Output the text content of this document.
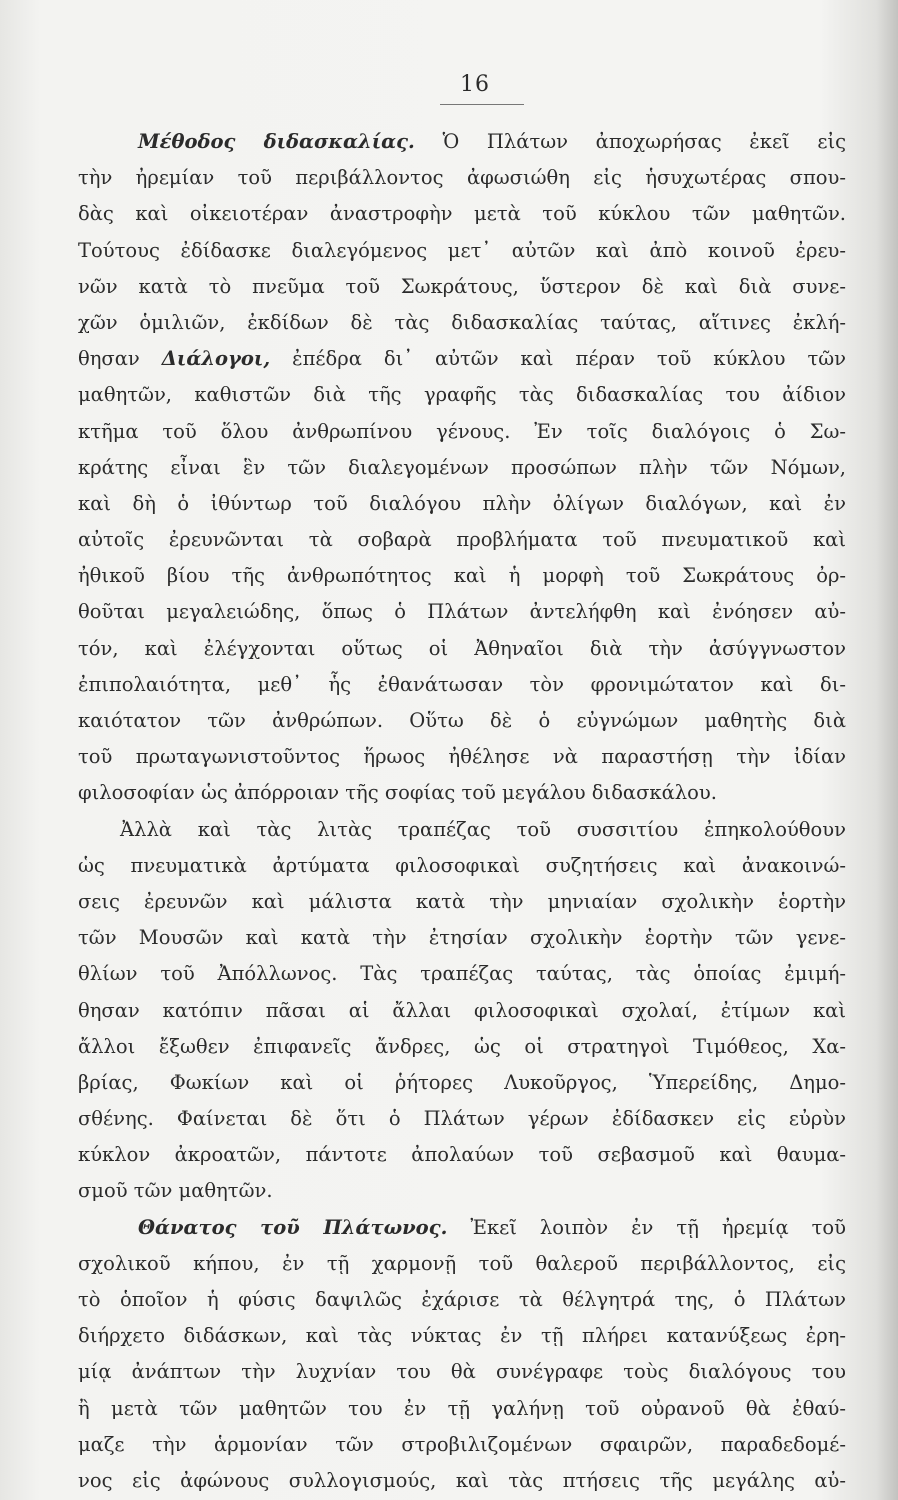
16
Μέθοδος διδασκαλίας. Ὁ Πλάτων ἀποχωρήσας ἐκεῖ εἰς
τὴν ἠρεμίαν τοῦ περιβάλλοντος ἀφωσιώθη εἰς ἡσυχωτέρας σπου-
δὰς καὶ οἰκειοτέραν ἀναστροφὴν μετὰ τοῦ κύκλου τῶν μαθητῶν.
Τούτους ἐδίδασκε διαλεγόμενος μετ᾽ αὐτῶν καὶ ἀπὸ κοινοῦ ἐρευ-
νῶν κατὰ τὸ πνεῦμα τοῦ Σωκράτους, ὕστερον δὲ καὶ διὰ συνε-
χῶν ὁμιλιῶν, ἐκδίδων δὲ τὰς διδασκαλίας ταύτας, αἵτινες ἐκλή-
θησαν Διάλογοι, ἐπέδρα δι᾽ αὐτῶν καὶ πέραν τοῦ κύκλου τῶν
μαθητῶν, καθιστῶν διὰ τῆς γραφῆς τὰς διδασκαλίας του ἀίδιον
κτῆμα τοῦ ὅλου ἀνθρωπίνου γένους. Ἐν τοῖς διαλόγοις ὁ Σω-
κράτης εἶναι ἓν τῶν διαλεγομένων προσώπων πλὴν τῶν Νόμων,
καὶ δὴ ὁ ἰθύντωρ τοῦ διαλόγου πλὴν ὀλίγων διαλόγων, καὶ ἐν
αὐτοῖς ἐρευνῶνται τὰ σοβαρὰ προβλήματα τοῦ πνευματικοῦ καὶ
ἠθικοῦ βίου τῆς ἀνθρωπότητος καὶ ἡ μορφὴ τοῦ Σωκράτους ὀρ-
θοῦται μεγαλειώδης, ὅπως ὁ Πλάτων ἀντελήφθη καὶ ἐνόησεν αὐ-
τόν, καὶ ἐλέγχονται οὕτως οἱ Ἀθηναῖοι διὰ τὴν ἀσύγγνωστον
ἐπιπολαιότητα, μεθ᾽ ἧς ἐθανάτωσαν τὸν φρονιμώτατον καὶ δι-
καιότατον τῶν ἀνθρώπων. Οὕτω δὲ ὁ εὐγνώμων μαθητὴς διὰ
τοῦ πρωταγωνιστοῦντος ἥρωος ἠθέλησε νὰ παραστήσῃ τὴν ἰδίαν
φιλοσοφίαν ὡς ἀπόρροιαν τῆς σοφίας τοῦ μεγάλου διδασκάλου.
Ἀλλὰ καὶ τὰς λιτὰς τραπέζας τοῦ συσσιτίου ἐπηκολούθουν
ὡς πνευματικὰ ἀρτύματα φιλοσοφικαὶ συζητήσεις καὶ ἀνακοινώ-
σεις ἐρευνῶν καὶ μάλιστα κατὰ τὴν μηνιαίαν σχολικὴν ἑορτὴν
τῶν Μουσῶν καὶ κατὰ τὴν ἐτησίαν σχολικὴν ἑορτὴν τῶν γενε-
θλίων τοῦ Ἀπόλλωνος. Τὰς τραπέζας ταύτας, τὰς ὁποίας ἐμιμή-
θησαν κατόπιν πᾶσαι αἱ ἄλλαι φιλοσοφικαὶ σχολαί, ἐτίμων καὶ
ἄλλοι ἔξωθεν ἐπιφανεῖς ἄνδρες, ὡς οἱ στρατηγοὶ Τιμόθεος, Χα-
βρίας, Φωκίων καὶ οἱ ῥήτορες Λυκοῦργος, Ὑπερείδης, Δημο-
σθένης. Φαίνεται δὲ ὅτι ὁ Πλάτων γέρων ἐδίδασκεν εἰς εὐρὺν
κύκλον ἀκροατῶν, πάντοτε ἀπολαύων τοῦ σεβασμοῦ καὶ θαυμα-
σμοῦ τῶν μαθητῶν.
Θάνατος τοῦ Πλάτωνος. Ἐκεῖ λοιπὸν ἐν τῇ ἠρεμίᾳ τοῦ
σχολικοῦ κήπου, ἐν τῇ χαρμονῇ τοῦ θαλεροῦ περιβάλλοντος, εἰς
τὸ ὁποῖον ἡ φύσις δαψιλῶς ἐχάρισε τὰ θέλγητρά της, ὁ Πλάτων
διήρχετο διδάσκων, καὶ τὰς νύκτας ἐν τῇ πλήρει κατανύξεως ἐρη-
μίᾳ ἀνάπτων τὴν λυχνίαν του θὰ συνέγραφε τοὺς διαλόγους του
ἢ μετὰ τῶν μαθητῶν του ἐν τῇ γαλήνῃ τοῦ οὐρανοῦ θὰ ἐθαύ-
μαζε τὴν ἁρμονίαν τῶν στροβιλιζομένων σφαιρῶν, παραδεδομέ-
νος εἰς ἀφώνους συλλογισμούς, καὶ τὰς πτήσεις τῆς μεγάλης αὐ-
